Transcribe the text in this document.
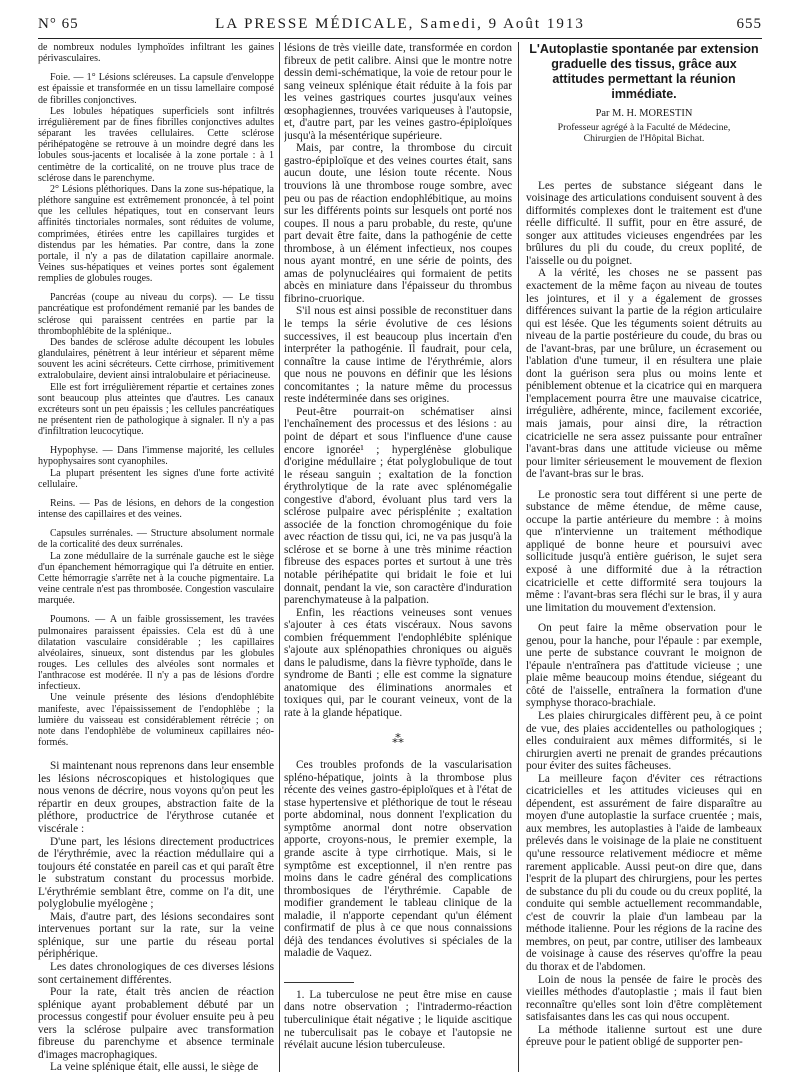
N° 65	LA PRESSE MÉDICALE, Samedi, 9 Août 1913	655

de nombreux nodules lymphoïdes infiltrant les gaines périvasculaires.

Foie. — 1° Lésions scléreuses. La capsule d'enveloppe est épaissie et transformée en un tissu lamellaire composé de fibrilles conjonctives.

Les lobules hépatiques superficiels sont infiltrés irrégulièrement par de fines fibrilles conjonctives adultes séparant les travées cellulaires. Cette sclérose périhépatogène se retrouve à un moindre degré dans les lobules sous-jacents et localisée à la zone portale : à 1 centimètre de la corticalité, on ne trouve plus trace de sclérose dans le parenchyme.

2° Lésions pléthoriques. Dans la zone sus-hépatique, la pléthore sanguine est extrêmement prononcée, à tel point que les cellules hépatiques, tout en conservant leurs affinités tinctoriales normales, sont réduites de volume, comprimées, étirées entre les capillaires turgides et distendus par les hématies. Par contre, dans la zone portale, il n'y a pas de dilatation capillaire anormale. Veines sus-hépatiques et veines portes sont également remplies de globules rouges.

Pancréas (coupe au niveau du corps). — Le tissu pancréatique est profondément remanié par les bandes de sclérose qui paraissent centrées en partie par la thrombophlébite de la splénique..

Des bandes de sclérose adulte découpent les lobules glandulaires, pénètrent à leur intérieur et séparent même souvent les acini sécréteurs. Cette cirrhose, primitivement extralobulaire, devient ainsi intralobulaire et périacineuse.

Elle est fort irrégulièrement répartie et certaines zones sont beaucoup plus atteintes que d'autres. Les canaux excréteurs sont un peu épaissis ; les cellules pancréatiques ne présentent rien de pathologique à signaler. Il n'y a pas d'infiltration leucocytique.

Hypophyse. — Dans l'immense majorité, les cellules hypophysaires sont cyanophiles.

La plupart présentent les signes d'une forte activité cellulaire.

Reins. — Pas de lésions, en dehors de la congestion intense des capillaires et des veines.

Capsules surrénales. — Structure absolument normale de la corticalité des deux surrénales.

La zone médullaire de la surrénale gauche est le siège d'un épanchement hémorragique qui l'a détruite en entier. Cette hémorragie s'arrête net à la couche pigmentaire. La veine centrale n'est pas thrombosée. Congestion vasculaire marquée.

Poumons. — A un faible grossissement, les travées pulmonaires paraissent épaissies. Cela est dû à une dilatation vasculaire considérable ; les capillaires alvéolaires, sinueux, sont distendus par les globules rouges. Les cellules des alvéoles sont normales et l'anthracose est modérée. Il n'y a pas de lésions d'ordre infectieux.

Une veinule présente des lésions d'endophlébite manifeste, avec l'épaississement de l'endophlèbe ; la lumière du vaisseau est considérablement rétrécie ; on note dans l'endophlèbe de volumineux capillaires néo-formés.

Si maintenant nous reprenons dans leur ensemble les lésions nécroscopiques et histologiques que nous venons de décrire, nous voyons qu'on peut les répartir en deux groupes, abstraction faite de la pléthore, productrice de l'érythrose cutanée et viscérale :

D'une part, les lésions directement productrices de l'érythrémie, avec la réaction médullaire qui a toujours été constatée en pareil cas et qui paraît être le substratum constant du processus morbide. L'érythrémie semblant être, comme on l'a dit, une polyglobulie myélogène ;

Mais, d'autre part, des lésions secondaires sont intervenues portant sur la rate, sur la veine splénique, sur une partie du réseau portal périphérique.

Les dates chronologiques de ces diverses lésions sont certainement différentes.

Pour la rate, était très ancien de réaction splénique ayant probablement débuté par un processus congestif pour évoluer ensuite peu à peu vers la sclérose pulpaire avec transformation fibreuse du parenchyme et absence terminale d'images macrophagiques.

La veine splénique était, elle aussi, le siège de

lésions de très vieille date, transformée en cordon fibreux de petit calibre. Ainsi que le montre notre dessin demi-schématique, la voie de retour pour le sang veineux splénique était réduite à la fois par les veines gastriques courtes jusqu'aux veines œsophagiennes, trouvées variqueuses à l'autopsie, et, d'autre part, par les veines gastro-épiploïques jusqu'à la mésentérique supérieure.

Mais, par contre, la thrombose du circuit gastro-épiploïque et des veines courtes était, sans aucun doute, une lésion toute récente. Nous trouvions là une thrombose rouge sombre, avec peu ou pas de réaction endophlébitique, au moins sur les différents points sur lesquels ont porté nos coupes. Il nous a paru probable, du reste, qu'une part devait être faite, dans la pathogénie de cette thrombose, à un élément infectieux, nos coupes nous ayant montré, en une série de points, des amas de polynucléaires qui formaient de petits abcès en miniature dans l'épaisseur du thrombus fibrino-cruorique.

S'il nous est ainsi possible de reconstituer dans le temps la série évolutive de ces lésions successives, il est beaucoup plus incertain d'en interpréter la pathogénie. Il faudrait, pour cela, connaître la cause intime de l'érythrémie, alors que nous ne pouvons en définir que les lésions concomitantes ; la nature même du processus reste indéterminée dans ses origines.

Peut-être pourrait-on schématiser ainsi l'enchaînement des processus et des lésions : au point de départ et sous l'influence d'une cause encore ignorée¹ ; hyperglénèse globulique d'origine médullaire ; état polyglobulique de tout le réseau sanguin ; exaltation de la fonction érythrolytique de la rate avec splénomégalie congestive d'abord, évoluant plus tard vers la sclérose pulpaire avec périsplénite ; exaltation associée de la fonction chromogénique du foie avec réaction de tissu qui, ici, ne va pas jusqu'à la sclérose et se borne à une très minime réaction fibreuse des espaces portes et surtout à une très notable périhépatite qui bridait le foie et lui donnait, pendant la vie, son caractère d'induration parenchymateuse à la palpation.

Enfin, les réactions veineuses sont venues s'ajouter à ces états viscéraux. Nous savons combien fréquemment l'endophlébite splénique s'ajoute aux splénopathies chroniques ou aiguës dans le paludisme, dans la fièvre typhoïde, dans le syndrome de Banti ; elle est comme la signature anatomique des éliminations anormales et toxiques qui, par le courant veineux, vont de la rate à la glande hépatique.

⁂

Ces troubles profonds de la vascularisation spléno-hépatique, joints à la thrombose plus récente des veines gastro-épiploïques et à l'état de stase hypertensive et pléthorique de tout le réseau porte abdominal, nous donnent l'explication du symptôme anormal dont notre observation apporte, croyons-nous, le premier exemple, la grande ascite à type cirrhotique. Mais, si le symptôme est exceptionnel, il n'en rentre pas moins dans le cadre général des complications thrombosiques de l'érythrémie. Capable de modifier grandement le tableau clinique de la maladie, il n'apporte cependant qu'un élément confirmatif de plus à ce que nous connaissions déjà des tendances évolutives si spéciales de la maladie de Vaquez.

1. La tuberculose ne peut être mise en cause dans notre observation ; l'intradermo-réaction tuberculinique était négative ; le liquide ascitique ne tuberculisait pas le cobaye et l'autopsie ne révélait aucune lésion tuberculeuse.

L'Autoplastie spontanée par extension graduelle des tissus, grâce aux attitudes permettant la réunion immédiate.
Par M. H. MORESTIN
Professeur agrégé à la Faculté de Médecine,
Chirurgien de l'Hôpital Bichat.

Les pertes de substance siégeant dans le voisinage des articulations conduisent souvent à des difformités complexes dont le traitement est d'une réelle difficulté. Il suffit, pour en être assuré, de songer aux attitudes vicieuses engendrées par les brûlures du pli du coude, du creux poplité, de l'aisselle ou du poignet.

A la vérité, les choses ne se passent pas exactement de la même façon au niveau de toutes les jointures, et il y a également de grosses différences suivant la partie de la région articulaire qui est lésée. Que les téguments soient détruits au niveau de la partie postérieure du coude, du bras ou de l'avant-bras, par une brûlure, un écrasement ou l'ablation d'une tumeur, il en résultera une plaie dont la guérison sera plus ou moins lente et péniblement obtenue et la cicatrice qui en marquera l'emplacement pourra être une mauvaise cicatrice, irrégulière, adhérente, mince, facilement excoriée, mais jamais, pour ainsi dire, la rétraction cicatricielle ne sera assez puissante pour entraîner l'avant-bras dans une attitude vicieuse ou même pour limiter sérieusement le mouvement de flexion de l'avant-bras sur le bras.

Le pronostic sera tout différent si une perte de substance de même étendue, de même cause, occupe la partie antérieure du membre : à moins que n'intervienne un traitement méthodique appliqué de bonne heure et poursuivi avec sollicitude jusqu'à entière guérison, le sujet sera exposé à une difformité due à la rétraction cicatricielle et cette difformité sera toujours la même : l'avant-bras sera fléchi sur le bras, il y aura une limitation du mouvement d'extension.

On peut faire la même observation pour le genou, pour la hanche, pour l'épaule : par exemple, une perte de substance couvrant le moignon de l'épaule n'entraînera pas d'attitude vicieuse ; une plaie même beaucoup moins étendue, siégeant du côté de l'aisselle, entraînera la formation d'une symphyse thoraco-brachiale.

Les plaies chirurgicales diffèrent peu, à ce point de vue, des plaies accidentelles ou pathologiques ; elles conduiraient aux mêmes difformités, si le chirurgien averti ne prenait de grandes précautions pour éviter des suites fâcheuses.

La meilleure façon d'éviter ces rétractions cicatricielles et les attitudes vicieuses qui en dépendent, est assurément de faire disparaître au moyen d'une autoplastie la surface cruentée ; mais, aux membres, les autoplasties à l'aide de lambeaux prélevés dans le voisinage de la plaie ne constituent qu'une ressource relativement médiocre et même rarement applicable. Aussi peut-on dire que, dans l'esprit de la plupart des chirurgiens, pour les pertes de substance du pli du coude ou du creux poplité, la conduite qui semble actuellement recommandable, c'est de couvrir la plaie d'un lambeau par la méthode italienne. Pour les régions de la racine des membres, on peut, par contre, utiliser des lambeaux de voisinage à cause des réserves qu'offre la peau du thorax et de l'abdomen.

Loin de nous la pensée de faire le procès des vieilles méthodes d'autoplastie ; mais il faut bien reconnaître qu'elles sont loin d'être complètement satisfaisantes dans les cas qui nous occupent.

La méthode italienne surtout est une dure épreuve pour le patient obligé de supporter pen-
